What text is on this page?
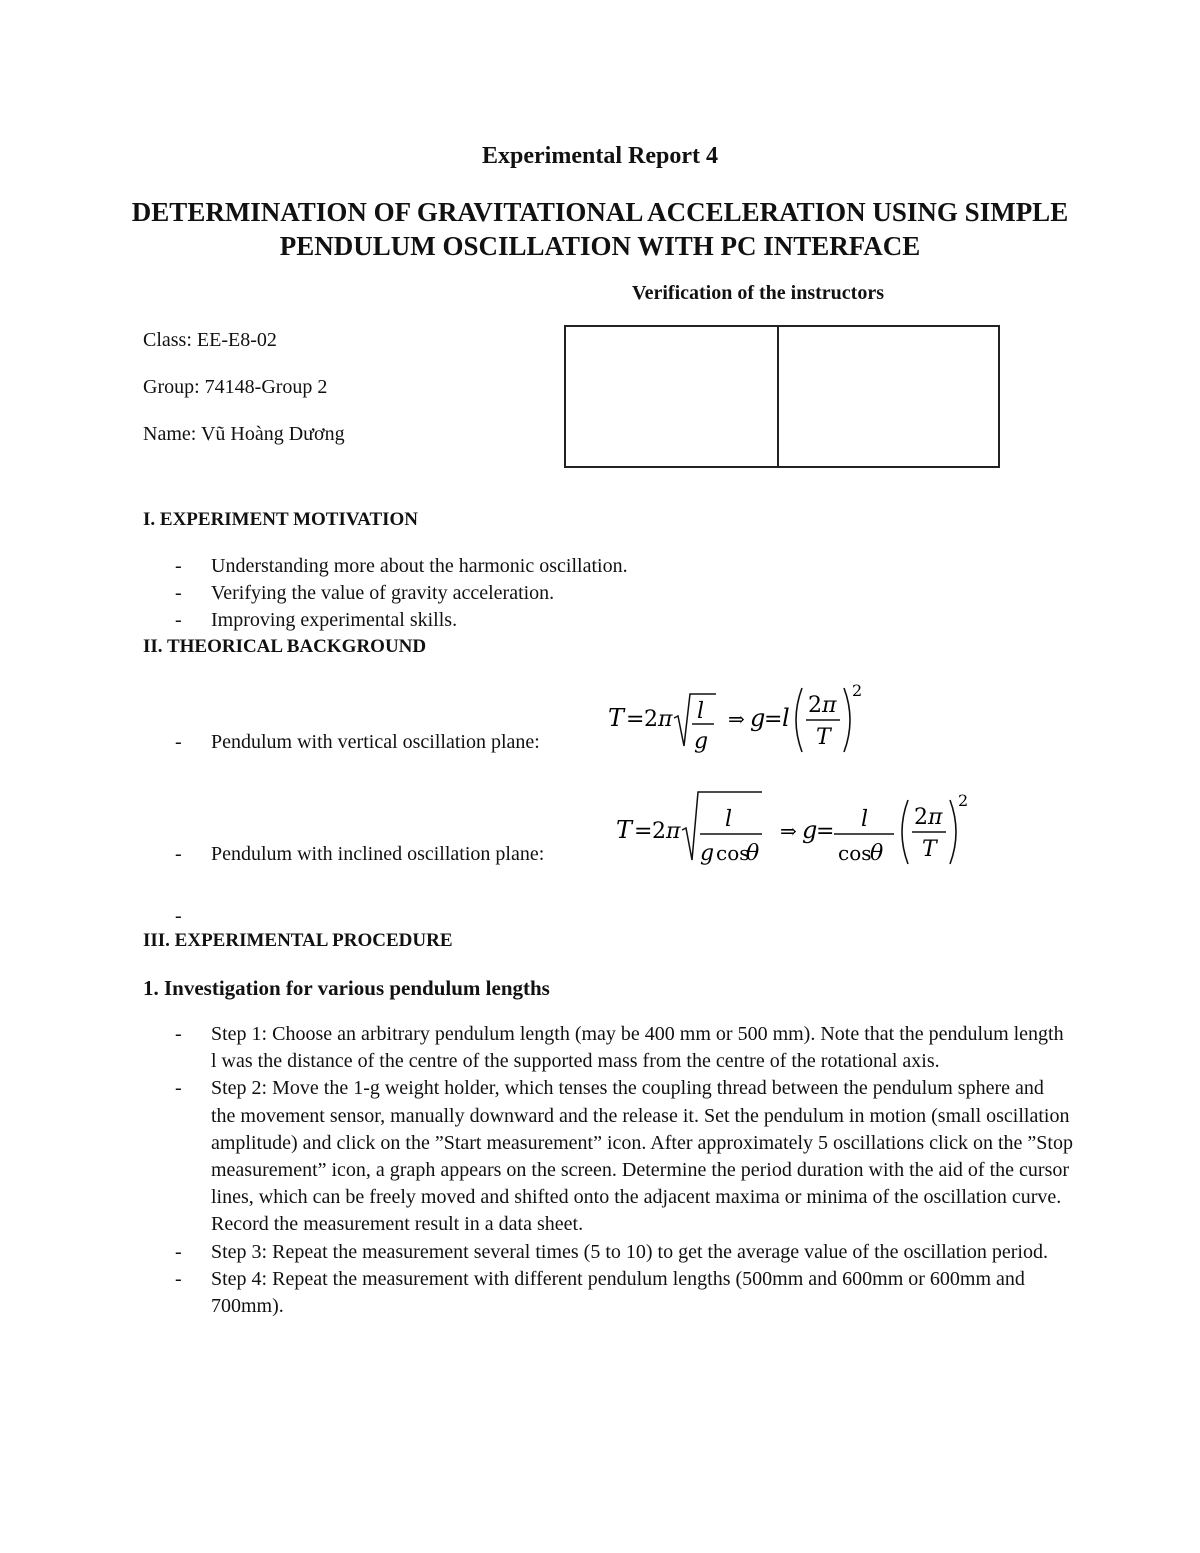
Experimental Report 4
DETERMINATION OF GRAVITATIONAL ACCELERATION USING SIMPLE PENDULUM OSCILLATION WITH PC INTERFACE
Verification of the instructors
Class: EE-E8-02
Group: 74148-Group 2
Name: Vũ Hoàng Dương
I. EXPERIMENT MOTIVATION
- Understanding more about the harmonic oscillation.
- Verifying the value of gravity acceleration.
- Improving experimental skills.
II. THEORICAL BACKGROUND
- Pendulum with vertical oscillation plane:
T = 2 π l
g
⇒ g
= l 2 π
T
2
- Pendulum with inclined oscillation plane:
T = 2 π l
g cos
θ
⇒ g
= l
cos
θ
2 π
T
2
-
III. EXPERIMENTAL PROCEDURE
1. Investigation for various pendulum lengths
- Step 1: Choose an arbitrary pendulum length (may be 400 mm or 500 mm). Note that the pendulum length l was the distance of the centre of the supported mass from the centre of the rotational axis.
- Step 2: Move the 1-g weight holder, which tenses the coupling thread between the pendulum sphere and the movement sensor, manually downward and the release it. Set the pendulum in motion (small oscillation amplitude) and click on the ”Start measurement” icon. After approximately 5 oscillations click on the ”Stop measurement” icon, a graph appears on the screen. Determine the period duration with the aid of the cursor lines, which can be freely moved and shifted onto the adjacent maxima or minima of the oscillation curve. Record the measurement result in a data sheet.
- Step 3: Repeat the measurement several times (5 to 10) to get the average value of the oscillation period.
- Step 4: Repeat the measurement with different pendulum lengths (500mm and 600mm or 600mm and 700mm).
